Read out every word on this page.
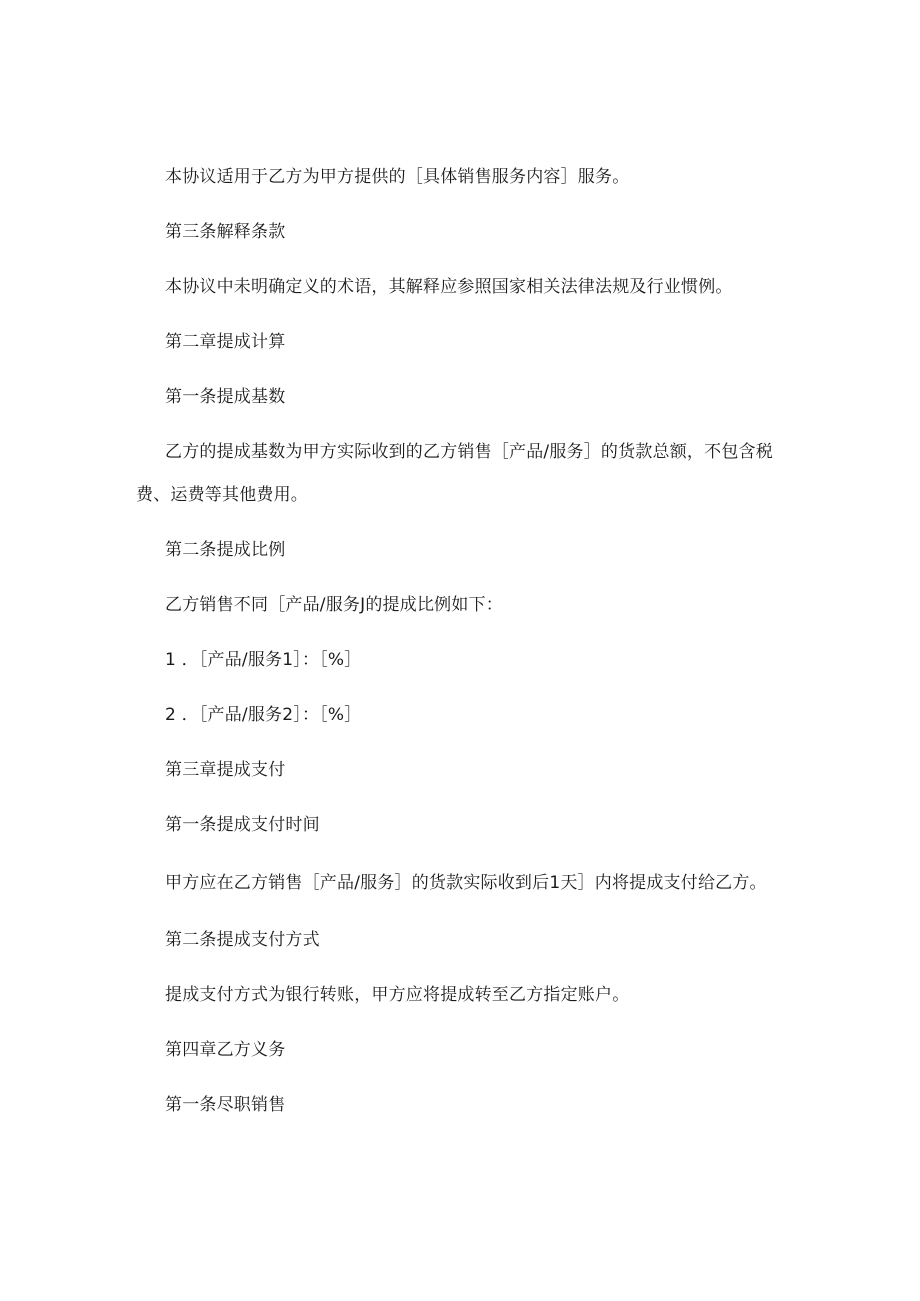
本协议适用于乙方为甲方提供的［具体销售服务内容］服务。
第三条解释条款
本协议中未明确定义的术语，其解释应参照国家相关法律法规及行业惯例。
第二章提成计算
第一条提成基数
乙方的提成基数为甲方实际收到的乙方销售［产品/服务］的货款总额，不包含税
费、运费等其他费用。
第二条提成比例
乙方销售不同［产品/服务J的提成比例如下：
1 ．［产品/服务1］：［%］
2 ．［产品/服务2］：［%］
第三章提成支付
第一条提成支付时间
甲方应在乙方销售［产品/服务］的货款实际收到后1天］内将提成支付给乙方。
第二条提成支付方式
提成支付方式为银行转账，甲方应将提成转至乙方指定账户。
第四章乙方义务
第一条尽职销售
